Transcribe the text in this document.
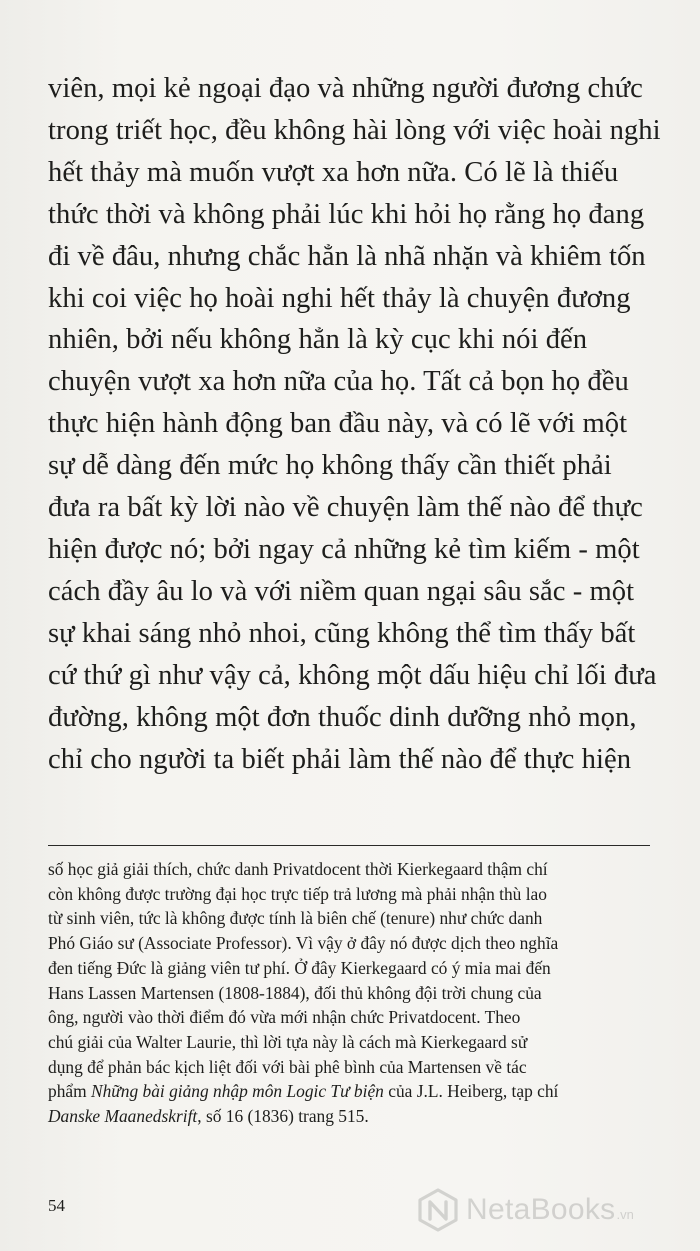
viên, mọi kẻ ngoại đạo và những người đương chức
trong triết học, đều không hài lòng với việc hoài nghi
hết thảy mà muốn vượt xa hơn nữa. Có lẽ là thiếu
thức thời và không phải lúc khi hỏi họ rằng họ đang
đi về đâu, nhưng chắc hẳn là nhã nhặn và khiêm tốn
khi coi việc họ hoài nghi hết thảy là chuyện đương
nhiên, bởi nếu không hẳn là kỳ cục khi nói đến
chuyện vượt xa hơn nữa của họ. Tất cả bọn họ đều
thực hiện hành động ban đầu này, và có lẽ với một
sự dễ dàng đến mức họ không thấy cần thiết phải
đưa ra bất kỳ lời nào về chuyện làm thế nào để thực
hiện được nó; bởi ngay cả những kẻ tìm kiếm - một
cách đầy âu lo và với niềm quan ngại sâu sắc - một
sự khai sáng nhỏ nhoi, cũng không thể tìm thấy bất
cứ thứ gì như vậy cả, không một dấu hiệu chỉ lối đưa
đường, không một đơn thuốc dinh dưỡng nhỏ mọn,
chỉ cho người ta biết phải làm thế nào để thực hiện
số học giả giải thích, chức danh Privatdocent thời Kierkegaard thậm chí
còn không được trường đại học trực tiếp trả lương mà phải nhận thù lao
từ sinh viên, tức là không được tính là biên chế (tenure) như chức danh
Phó Giáo sư (Associate Professor). Vì vậy ở đây nó được dịch theo nghĩa
đen tiếng Đức là giảng viên tư phí. Ở đây Kierkegaard có ý mỉa mai đến
Hans Lassen Martensen (1808-1884), đối thủ không đội trời chung của
ông, người vào thời điểm đó vừa mới nhận chức Privatdocent. Theo
chú giải của Walter Laurie, thì lời tựa này là cách mà Kierkegaard sử
dụng để phản bác kịch liệt đối với bài phê bình của Martensen về tác
phẩm Những bài giảng nhập môn Logic Tư biện của J.L. Heiberg, tạp chí
Danske Maanedskrift, số 16 (1836) trang 515.
54	NetaBooks .vn
